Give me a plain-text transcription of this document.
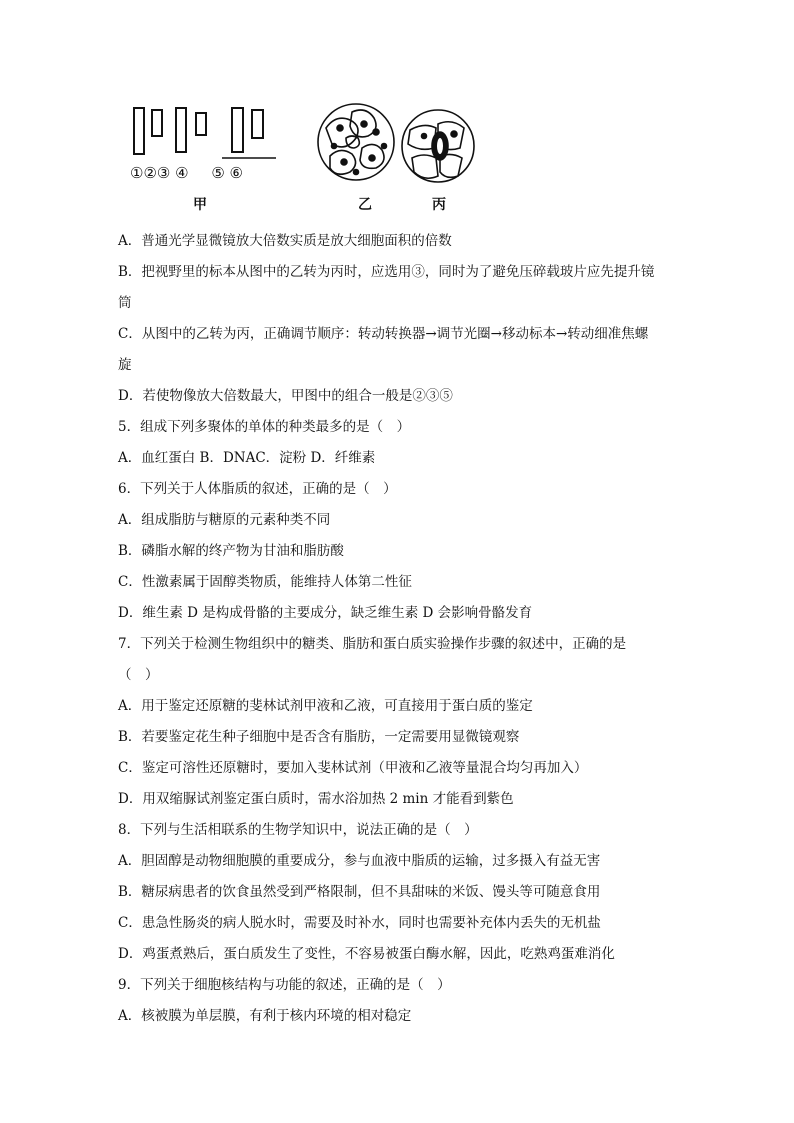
①②③ ④ ⑤ ⑥
甲	乙	丙
A．普通光学显微镜放大倍数实质是放大细胞面积的倍数
B．把视野里的标本从图中的乙转为丙时，应选用③，同时为了避免压碎载玻片应先提升镜
筒
C．从图中的乙转为丙，正确调节顺序：转动转换器→调节光圈→移动标本→转动细准焦螺
旋
D．若使物像放大倍数最大，甲图中的组合一般是②③⑤
5．组成下列多聚体的单体的种类最多的是（　）
A．血红蛋白 B．DNAC．淀粉 D．纤维素
6．下列关于人体脂质的叙述，正确的是（　）
A．组成脂肪与糖原的元素种类不同
B．磷脂水解的终产物为甘油和脂肪酸
C．性激素属于固醇类物质，能维持人体第二性征
D．维生素 D 是构成骨骼的主要成分，缺乏维生素 D 会影响骨骼发育
7．下列关于检测生物组织中的糖类、脂肪和蛋白质实验操作步骤的叙述中，正确的是
（　）
A．用于鉴定还原糖的斐林试剂甲液和乙液，可直接用于蛋白质的鉴定
B．若要鉴定花生种子细胞中是否含有脂肪，一定需要用显微镜观察
C．鉴定可溶性还原糖时，要加入斐林试剂（甲液和乙液等量混合均匀再加入）
D．用双缩脲试剂鉴定蛋白质时，需水浴加热 2 min 才能看到紫色
8．下列与生活相联系的生物学知识中，说法正确的是（　）
A．胆固醇是动物细胞膜的重要成分，参与血液中脂质的运输，过多摄入有益无害
B．糖尿病患者的饮食虽然受到严格限制，但不具甜味的米饭、馒头等可随意食用
C．患急性肠炎的病人脱水时，需要及时补水，同时也需要补充体内丢失的无机盐
D．鸡蛋煮熟后，蛋白质发生了变性，不容易被蛋白酶水解，因此，吃熟鸡蛋难消化
9．下列关于细胞核结构与功能的叙述，正确的是（　）
A．核被膜为单层膜，有利于核内环境的相对稳定
